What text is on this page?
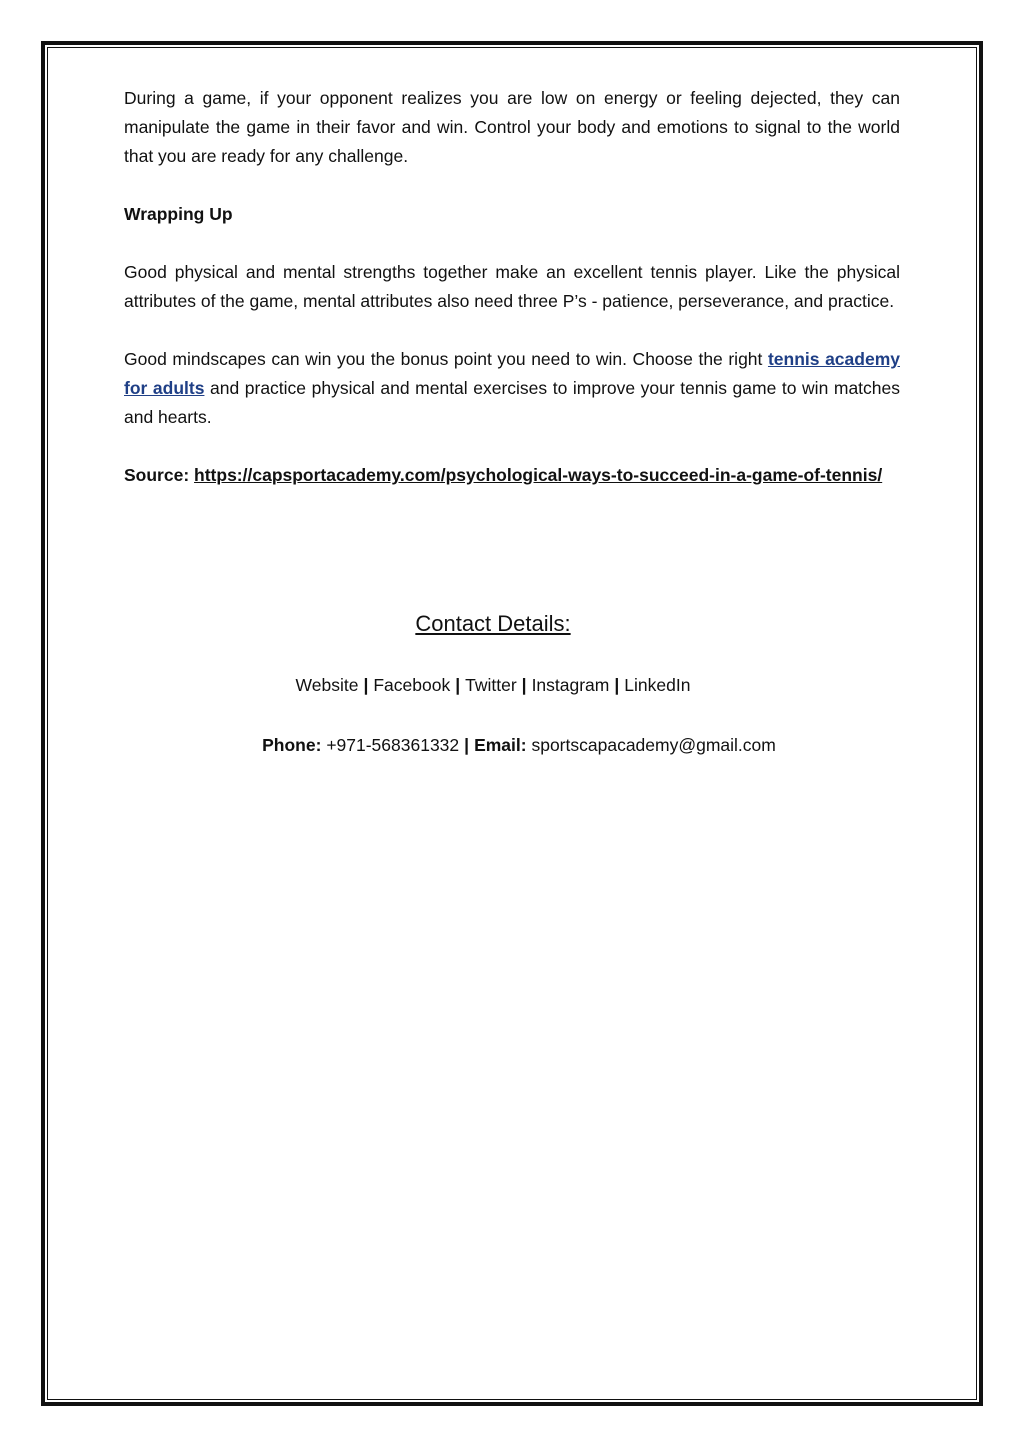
During a game, if your opponent realizes you are low on energy or feeling dejected, they can manipulate the game in their favor and win. Control your body and emotions to signal to the world that you are ready for any challenge.

Wrapping Up

Good physical and mental strengths together make an excellent tennis player. Like the physical attributes of the game, mental attributes also need three P’s - patience, perseverance, and practice.

Good mindscapes can win you the bonus point you need to win. Choose the right tennis academy for adults and practice physical and mental exercises to improve your tennis game to win matches and hearts.

Source: https://capsportacademy.com/psychological-ways-to-succeed-in-a-game-of-tennis/

Contact Details:
Website | Facebook | Twitter | Instagram | LinkedIn
Phone: +971-568361332 | Email: sportscapacademy@gmail.com
